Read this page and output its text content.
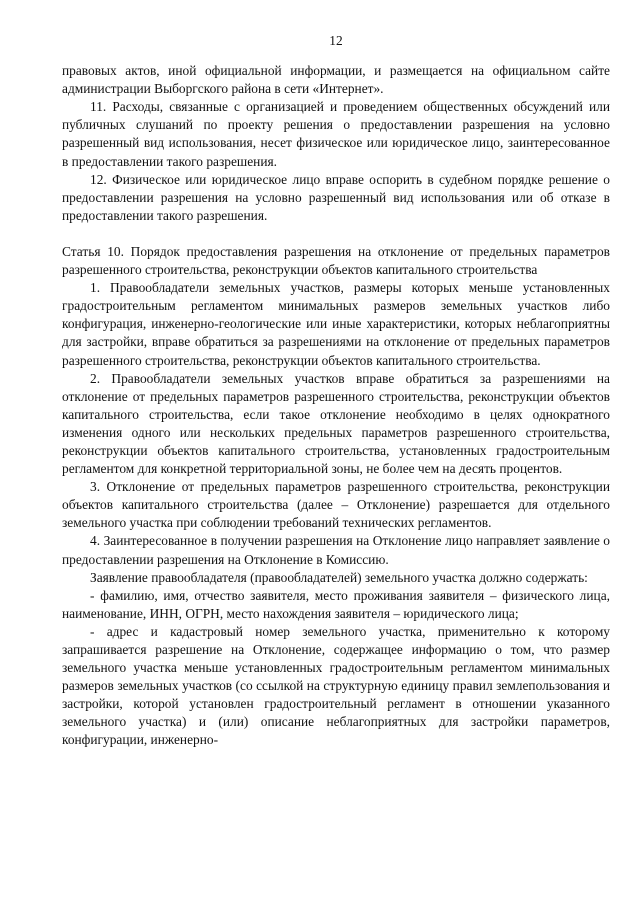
12

правовых актов, иной официальной информации, и размещается на официальном сайте администрации Выборгского района в сети «Интернет».

11. Расходы, связанные с организацией и проведением общественных обсуждений или публичных слушаний по проекту решения о предоставлении разрешения на условно разрешенный вид использования, несет физическое или юридическое лицо, заинтересованное в предоставлении такого разрешения.

12. Физическое или юридическое лицо вправе оспорить в судебном порядке решение о предоставлении разрешения на условно разрешенный вид использования или об отказе в предоставлении такого разрешения.

Статья 10. Порядок предоставления разрешения на отклонение от предельных параметров разрешенного строительства, реконструкции объектов капитального строительства

1. Правообладатели земельных участков, размеры которых меньше установленных градостроительным регламентом минимальных размеров земельных участков либо конфигурация, инженерно-геологические или иные характеристики, которых неблагоприятны для застройки, вправе обратиться за разрешениями на отклонение от предельных параметров разрешенного строительства, реконструкции объектов капитального строительства.

2. Правообладатели земельных участков вправе обратиться за разрешениями на отклонение от предельных параметров разрешенного строительства, реконструкции объектов капитального строительства, если такое отклонение необходимо в целях однократного изменения одного или нескольких предельных параметров разрешенного строительства, реконструкции объектов капитального строительства, установленных градостроительным регламентом для конкретной территориальной зоны, не более чем на десять процентов.

3. Отклонение от предельных параметров разрешенного строительства, реконструкции объектов капитального строительства (далее – Отклонение) разрешается для отдельного земельного участка при соблюдении требований технических регламентов.

4. Заинтересованное в получении разрешения на Отклонение лицо направляет заявление о предоставлении разрешения на Отклонение в Комиссию.

Заявление правообладателя (правообладателей) земельного участка должно содержать:

- фамилию, имя, отчество заявителя, место проживания заявителя – физического лица, наименование, ИНН, ОГРН, место нахождения заявителя – юридического лица;

- адрес и кадастровый номер земельного участка, применительно к которому запрашивается разрешение на Отклонение, содержащее информацию о том, что размер земельного участка меньше установленных градостроительным регламентом минимальных размеров земельных участков (со ссылкой на структурную единицу правил землепользования и застройки, которой установлен градостроительный регламент в отношении указанного земельного участка) и (или) описание неблагоприятных для застройки параметров, конфигурации, инженерно-
